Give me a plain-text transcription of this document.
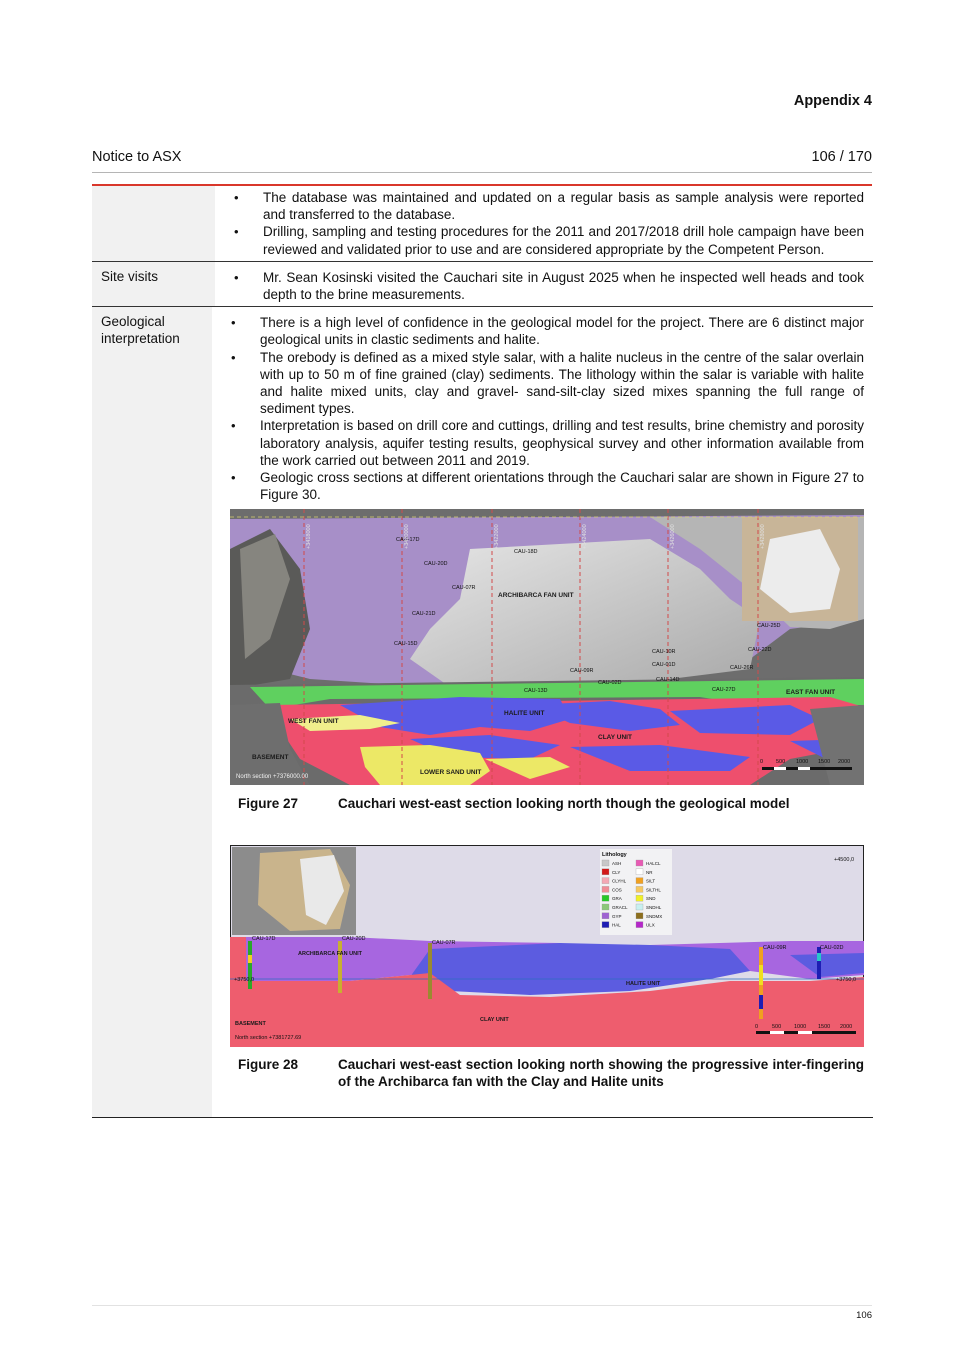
Appendix 4
Notice to ASX	106 / 170
• The database was maintained and updated on a regular basis as sample analysis were reported and transferred to the database.
• Drilling, sampling and testing procedures for the 2011 and 2017/2018 drill hole campaign have been reviewed and validated prior to use and are considered appropriate by the Competent Person.
Site visits
•	Mr. Sean Kosinski visited the Cauchari site in August 2025 when he inspected well heads and took depth to the brine measurements.
Geological interpretation
• There is a high level of confidence in the geological model for the project. There are 6 distinct major geological units in clastic sediments and halite.
• The orebody is defined as a mixed style salar, with a halite nucleus in the centre of the salar overlain with up to 50 m of fine grained (clay) sediments. The lithology within the salar is variable with halite and halite mixed units, clay and gravel- sand-silt-clay sized mixes spanning the full range of sediment types.
• Interpretation is based on drill core and cuttings, drilling and test results, brine chemistry and porosity laboratory analysis, aquifer testing results, geophysical survey and other information available from the work carried out between 2011 and 2019.
• Geologic cross sections at different orientations through the Cauchari salar are shown in Figure 27 to Figure 30.
ARCHIBARCA FAN UNIT
HALITE UNIT
CLAY UNIT
WEST FAN UNIT
EAST FAN UNIT
LOWER SAND UNIT
BASEMENT
North section +7376000.00
CAU-17D
CAU-18D
CAU-20D
CAU-07R
CAU-21D
CAU-15D
CAU-25D
CAU-22D
CAU-10R
CAU-01D	CAU-26R
CAU-09R
CAU-14D
CAU-02D
CAU-13D	CAU-27D
+3418000	+3420000	+3422000	+3424000	+3426000	+3428000
0 500 1000 1500 2000
Figure 27	Cauchari west-east section looking north though the geological model
Lithology
ASH
CLY
CLYHL
COS
GRA
GRACL
GYP
HAL
HALCL
NR
SILT
SILTHL
SND
SNDHL
SNDMX
ULX
+4500,0
+3750,0	+3750,0
ARCHIBARCA FAN UNIT
HALITE UNIT
CLAY UNIT
BASEMENT
North section +7381727.69
CAU-17D	CAU-20D
CAU-07R
CAU-09R	CAU-02D
0	500 1000 1500 2000
Figure 28	Cauchari west-east section looking north showing the progressive inter-fingering of the Archibarca fan with the Clay and Halite units
106
